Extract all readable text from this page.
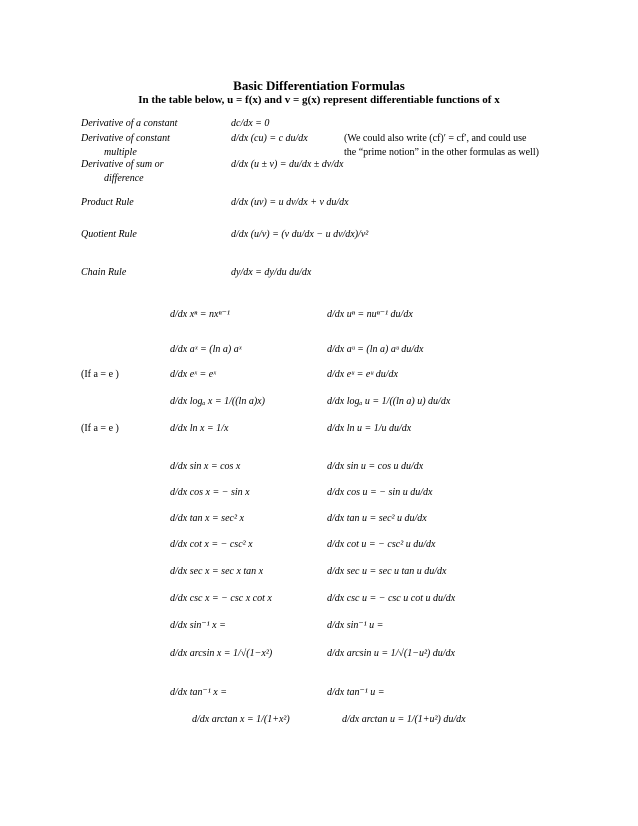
Basic Differentiation Formulas
In the table below, u = f(x) and v = g(x) represent differentiable functions of x
Derivative of a constant	dc/dx = 0
Derivative of constant
multiple
d/dx (cu) = c du/dx	(We could also write (cf)′ = cf′, and could use
the “prime notion” in the other formulas as well)
Derivative of sum or
difference
d/dx (u ± v) = du/dx ± dv/dx
Product Rule	d/dx (uv) = u dv/dx + v du/dx
Quotient Rule	d/dx (u/v) = (v du/dx − u dv/dx)/v²
Chain Rule	dy/dx = dy/du du/dx
d/dx xⁿ = nxⁿ⁻¹	d/dx uⁿ = nuⁿ⁻¹ du/dx
d/dx aˣ = (ln a) aˣ	d/dx aᵘ = (ln a) aᵘ du/dx
(If a = e )	d/dx eˣ = eˣ	d/dx eᵘ = eᵘ du/dx
d/dx logₐ x = 1/((ln a)x)	d/dx logₐ u = 1/((ln a) u) du/dx
(If a = e )	d/dx ln x = 1/x	d/dx ln u = 1/u du/dx
d/dx sin x = cos x	d/dx sin u = cos u du/dx
d/dx cos x = − sin x	d/dx cos u = − sin u du/dx
d/dx tan x = sec² x	d/dx tan u = sec² u du/dx
d/dx cot x = − csc² x	d/dx cot u = − csc² u du/dx
d/dx sec x = sec x tan x	d/dx sec u = sec u tan u du/dx
d/dx csc x = − csc x cot x	d/dx csc u = − csc u cot u du/dx
d/dx sin⁻¹ x =	d/dx sin⁻¹ u =
d/dx arcsin x = 1/√(1−x²)	d/dx arcsin u = 1/√(1−u²) du/dx
d/dx tan⁻¹ x =	d/dx tan⁻¹ u =
d/dx arctan x = 1/(1+x²)	d/dx arctan u = 1/(1+u²) du/dx
